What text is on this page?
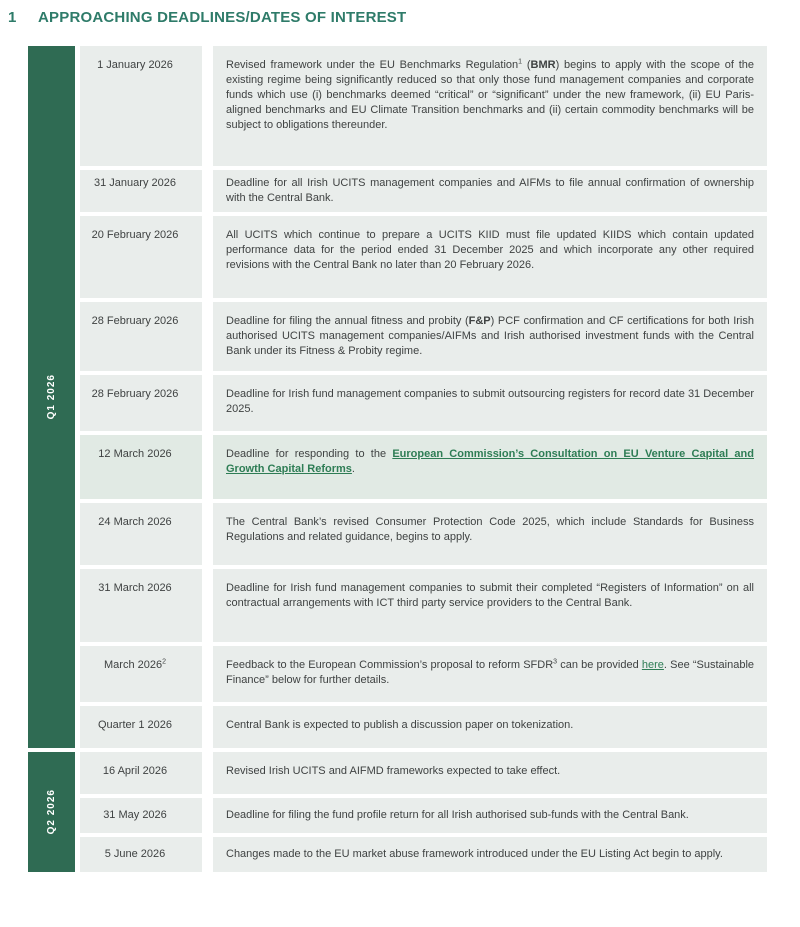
1	APPROACHING DEADLINES/DATES OF INTEREST
Q1 2026
1 January 2026	Revised framework under the EU Benchmarks Regulation$^1$ (BMR) begins to apply with the scope of the existing regime being significantly reduced so that only those fund management companies and corporate funds which use (i) benchmarks deemed “critical” or “significant” under the new framework, (ii) EU Paris-aligned benchmarks and EU Climate Transition benchmarks and (ii) certain commodity benchmarks will be subject to obligations thereunder.
31 January 2026	Deadline for all Irish UCITS management companies and AIFMs to file annual confirmation of ownership with the Central Bank.
20 February 2026	All UCITS which continue to prepare a UCITS KIID must file updated KIIDS which contain updated performance data for the period ended 31 December 2025 and which incorporate any other required revisions with the Central Bank no later than 20 February 2026.
28 February 2026	Deadline for filing the annual fitness and probity (F&P) PCF confirmation and CF certifications for both Irish authorised UCITS management companies/AIFMs and Irish authorised investment funds with the Central Bank under its Fitness & Probity regime.
28 February 2026	Deadline for Irish fund management companies to submit outsourcing registers for record date 31 December 2025.
12 March 2026	Deadline for responding to the European Commission’s Consultation on EU Venture Capital and Growth Capital Reforms.
24 March 2026	The Central Bank’s revised Consumer Protection Code 2025, which include Standards for Business Regulations and related guidance, begins to apply.
31 March 2026	Deadline for Irish fund management companies to submit their completed “Registers of Information” on all contractual arrangements with ICT third party service providers to the Central Bank.
March 2026$^2$	Feedback to the European Commission’s proposal to reform SFDR$^3$ can be provided here. See “Sustainable Finance” below for further details.
Quarter 1 2026	Central Bank is expected to publish a discussion paper on tokenization.
Q2 2026
16 April 2026	Revised Irish UCITS and AIFMD frameworks expected to take effect.
31 May 2026	Deadline for filing the fund profile return for all Irish authorised sub-funds with the Central Bank.
5 June 2026	Changes made to the EU market abuse framework introduced under the EU Listing Act begin to apply.
